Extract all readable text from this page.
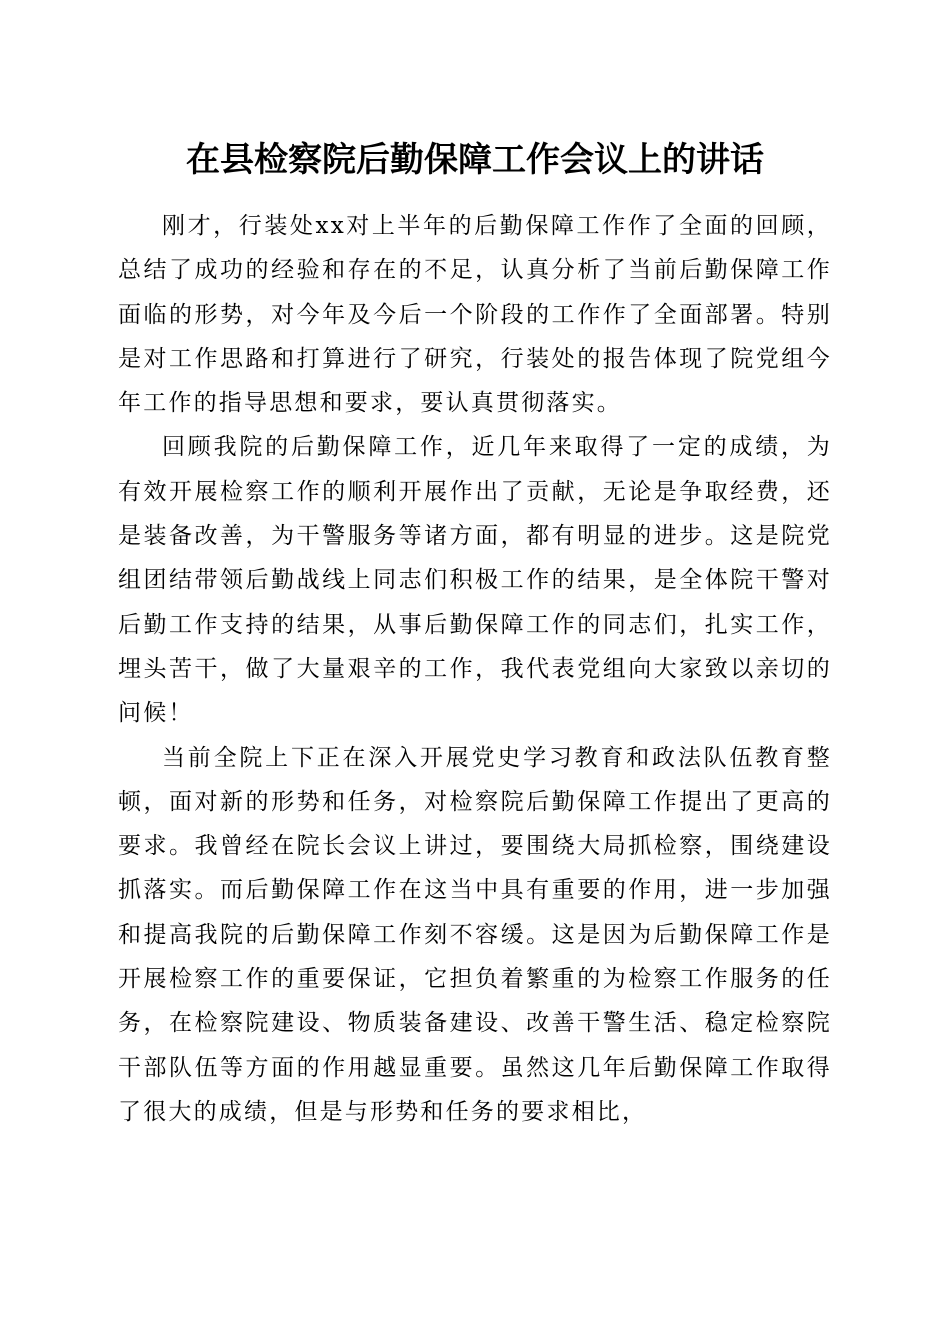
在县检察院后勤保障工作会议上的讲话

刚才，行装处xx对上半年的后勤保障工作作了全面的回顾，总结了成功的经验和存在的不足，认真分析了当前后勤保障工作面临的形势，对今年及今后一个阶段的工作作了全面部署。特别是对工作思路和打算进行了研究，行装处的报告体现了院党组今年工作的指导思想和要求，要认真贯彻落实。

回顾我院的后勤保障工作，近几年来取得了一定的成绩，为有效开展检察工作的顺利开展作出了贡献，无论是争取经费，还是装备改善，为干警服务等诸方面，都有明显的进步。这是院党组团结带领后勤战线上同志们积极工作的结果，是全体院干警对后勤工作支持的结果，从事后勤保障工作的同志们，扎实工作，埋头苦干，做了大量艰辛的工作，我代表党组向大家致以亲切的问候！

当前全院上下正在深入开展党史学习教育和政法队伍教育整顿，面对新的形势和任务，对检察院后勤保障工作提出了更高的要求。我曾经在院长会议上讲过，要围绕大局抓检察，围绕建设抓落实。而后勤保障工作在这当中具有重要的作用，进一步加强和提高我院的后勤保障工作刻不容缓。这是因为后勤保障工作是开展检察工作的重要保证，它担负着繁重的为检察工作服务的任务，在检察院建设、物质装备建设、改善干警生活、稳定检察院干部队伍等方面的作用越显重要。虽然这几年后勤保障工作取得了很大的成绩，但是与形势和任务的要求相比，
